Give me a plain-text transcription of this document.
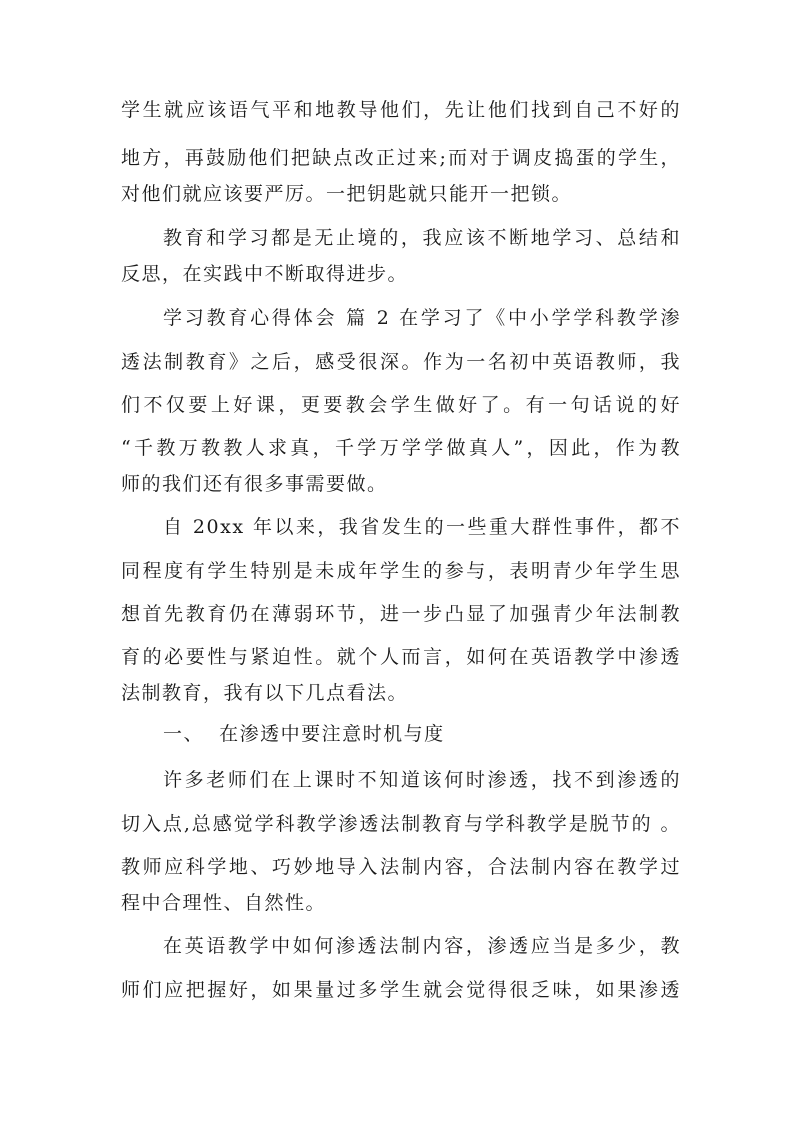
学生就应该语气平和地教导他们，先让他们找到自己不好的
地方，再鼓励他们把缺点改正过来;而对于调皮捣蛋的学生，
对他们就应该要严厉。一把钥匙就只能开一把锁。
教育和学习都是无止境的，我应该不断地学习、总结和
反思，在实践中不断取得进步。
学习教育心得体会 篇 2 在学习了《中小学学科教学渗
透法制教育》之后，感受很深。作为一名初中英语教师，我
们不仅要上好课，更要教会学生做好了。有一句话说的好
“千教万教教人求真，千学万学学做真人”，因此，作为教
师的我们还有很多事需要做。
自 20xx 年以来，我省发生的一些重大群性事件，都不
同程度有学生特别是未成年学生的参与，表明青少年学生思
想首先教育仍在薄弱环节，进一步凸显了加强青少年法制教
育的必要性与紧迫性。就个人而言，如何在英语教学中渗透
法制教育，我有以下几点看法。
一、  在渗透中要注意时机与度
许多老师们在上课时不知道该何时渗透，找不到渗透的
切入点,总感觉学科教学渗透法制教育与学科教学是脱节的 。
教师应科学地、巧妙地导入法制内容，合法制内容在教学过
程中合理性、自然性。
在英语教学中如何渗透法制内容，渗透应当是多少，教
师们应把握好，如果量过多学生就会觉得很乏味，如果渗透
